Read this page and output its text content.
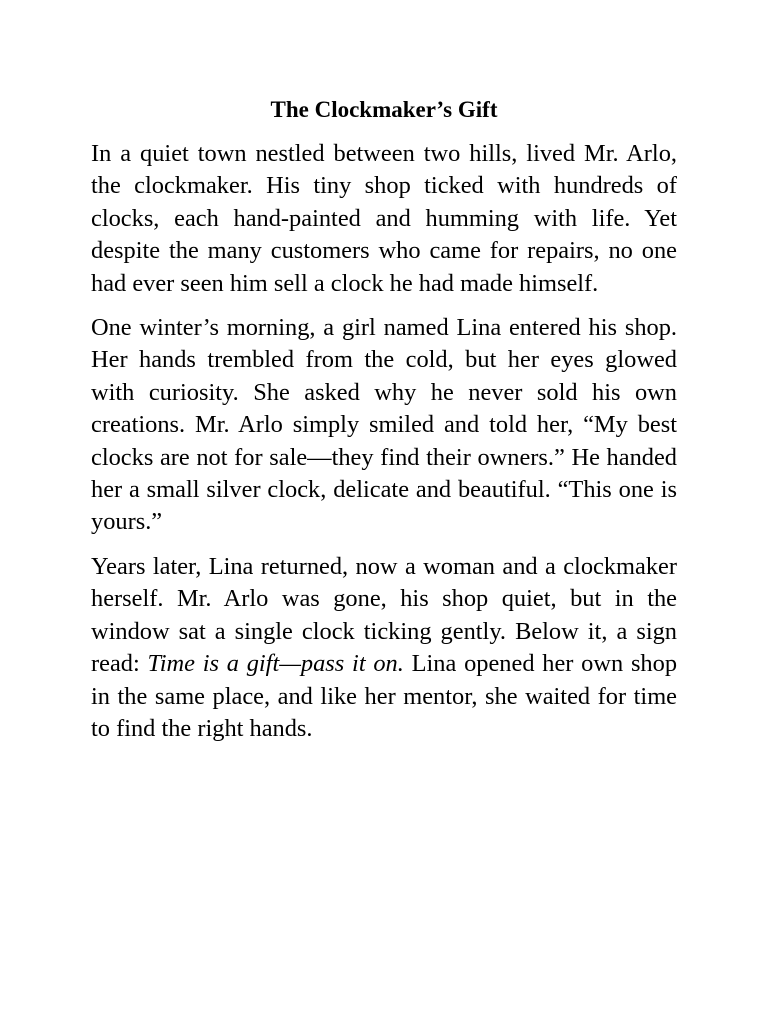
The Clockmaker’s Gift

In a quiet town nestled between two hills, lived Mr. Arlo, the clockmaker. His tiny shop ticked with hundreds of clocks, each hand-painted and humming with life. Yet despite the many customers who came for repairs, no one had ever seen him sell a clock he had made himself.

One winter’s morning, a girl named Lina entered his shop. Her hands trembled from the cold, but her eyes glowed with curiosity. She asked why he never sold his own creations. Mr. Arlo simply smiled and told her, “My best clocks are not for sale—they find their owners.” He handed her a small silver clock, delicate and beautiful. “This one is yours.”

Years later, Lina returned, now a woman and a clockmaker herself. Mr. Arlo was gone, his shop quiet, but in the window sat a single clock ticking gently. Below it, a sign read: Time is a gift—pass it on. Lina opened her own shop in the same place, and like her mentor, she waited for time to find the right hands.
